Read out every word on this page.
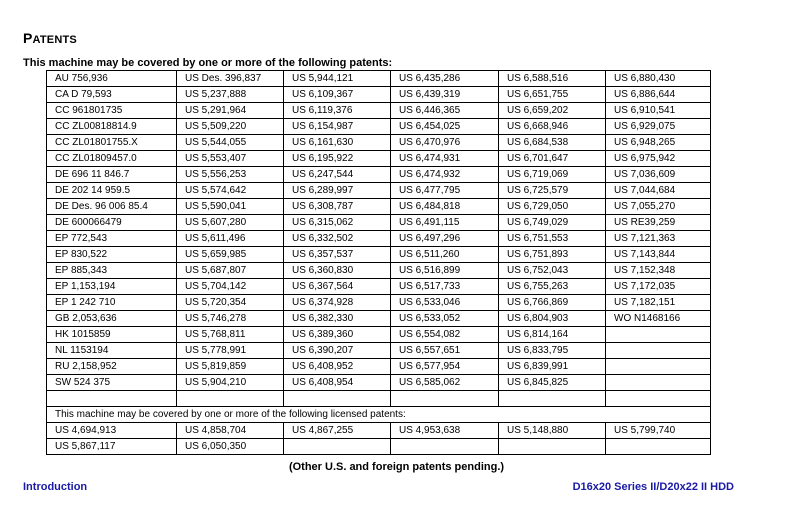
PATENTS
This machine may be covered by one or more of the following patents:
AU 756,936	US Des. 396,837	US 5,944,121	US 6,435,286	US 6,588,516	US 6,880,430
CA D 79,593	US 5,237,888	US 6,109,367	US 6,439,319	US 6,651,755	US 6,886,644
CC 961801735	US 5,291,964	US 6,119,376	US 6,446,365	US 6,659,202	US 6,910,541
CC ZL00818814.9	US 5,509,220	US 6,154,987	US 6,454,025	US 6,668,946	US 6,929,075
CC ZL01801755.X	US 5,544,055	US 6,161,630	US 6,470,976	US 6,684,538	US 6,948,265
CC ZL01809457.0	US 5,553,407	US 6,195,922	US 6,474,931	US 6,701,647	US 6,975,942
DE 696 11 846.7	US 5,556,253	US 6,247,544	US 6,474,932	US 6,719,069	US 7,036,609
DE 202 14 959.5	US 5,574,642	US 6,289,997	US 6,477,795	US 6,725,579	US 7,044,684
DE Des. 96 006 85.4	US 5,590,041	US 6,308,787	US 6,484,818	US 6,729,050	US 7,055,270
DE 600066479	US 5,607,280	US 6,315,062	US 6,491,115	US 6,749,029	US RE39,259
EP 772,543	US 5,611,496	US 6,332,502	US 6,497,296	US 6,751,553	US 7,121,363
EP 830,522	US 5,659,985	US 6,357,537	US 6,511,260	US 6,751,893	US 7,143,844
EP 885,343	US 5,687,807	US 6,360,830	US 6,516,899	US 6,752,043	US 7,152,348
EP 1,153,194	US 5,704,142	US 6,367,564	US 6,517,733	US 6,755,263	US 7,172,035
EP 1 242 710	US 5,720,354	US 6,374,928	US 6,533,046	US 6,766,869	US 7,182,151
GB 2,053,636	US 5,746,278	US 6,382,330	US 6,533,052	US 6,804,903	WO N1468166
HK 1015859	US 5,768,811	US 6,389,360	US 6,554,082	US 6,814,164	
NL 1153194	US 5,778,991	US 6,390,207	US 6,557,651	US 6,833,795	
RU 2,158,952	US 5,819,859	US 6,408,952	US 6,577,954	US 6,839,991	
SW 524 375	US 5,904,210	US 6,408,954	US 6,585,062	US 6,845,825	

This machine may be covered by one or more of the following licensed patents:					
US 4,694,913	US 4,858,704	US 4,867,255	US 4,953,638	US 5,148,880	US 5,799,740
US 5,867,117	US 6,050,350				
(Other U.S. and foreign patents pending.)
Introduction	D16x20 Series II/D20x22 II HDD
